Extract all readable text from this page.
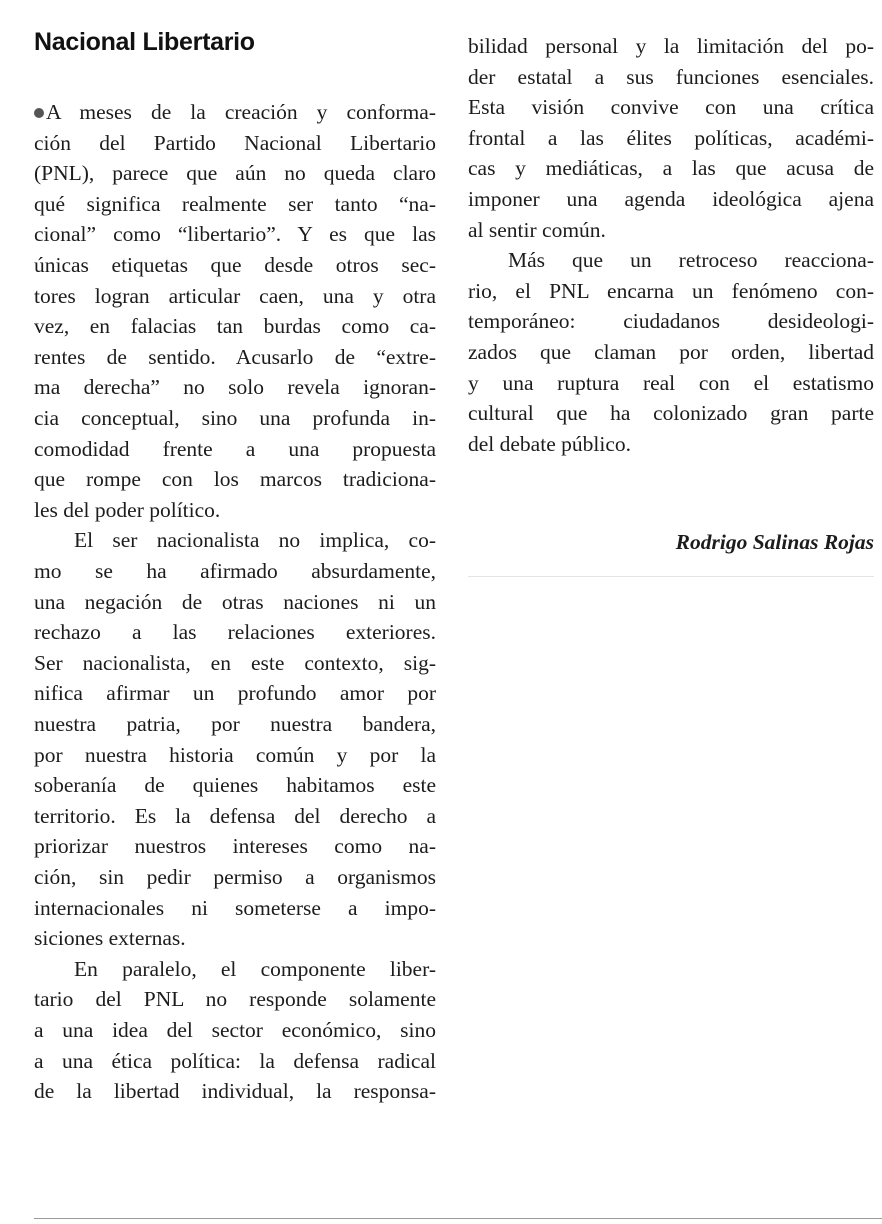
Nacional Libertario
A meses de la creación y conforma-
ción del Partido Nacional Libertario
(PNL), parece que aún no queda claro
qué significa realmente ser tanto “na-
cional” como “libertario”. Y es que las
únicas etiquetas que desde otros sec-
tores logran articular caen, una y otra
vez, en falacias tan burdas como ca-
rentes de sentido. Acusarlo de “extre-
ma derecha” no solo revela ignoran-
cia conceptual, sino una profunda in-
comodidad frente a una propuesta
que rompe con los marcos tradiciona-
les del poder político.
El ser nacionalista no implica, co-
mo se ha afirmado absurdamente,
una negación de otras naciones ni un
rechazo a las relaciones exteriores.
Ser nacionalista, en este contexto, sig-
nifica afirmar un profundo amor por
nuestra patria, por nuestra bandera,
por nuestra historia común y por la
soberanía de quienes habitamos este
territorio. Es la defensa del derecho a
priorizar nuestros intereses como na-
ción, sin pedir permiso a organismos
internacionales ni someterse a impo-
siciones externas.
En paralelo, el componente liber-
tario del PNL no responde solamente
a una idea del sector económico, sino
a una ética política: la defensa radical
de la libertad individual, la responsa-
bilidad personal y la limitación del po-
der estatal a sus funciones esenciales.
Esta visión convive con una crítica
frontal a las élites políticas, académi-
cas y mediáticas, a las que acusa de
imponer una agenda ideológica ajena
al sentir común.
Más que un retroceso reacciona-
rio, el PNL encarna un fenómeno con-
temporáneo: ciudadanos desideologi-
zados que claman por orden, libertad
y una ruptura real con el estatismo
cultural que ha colonizado gran parte
del debate público.
Rodrigo Salinas Rojas
